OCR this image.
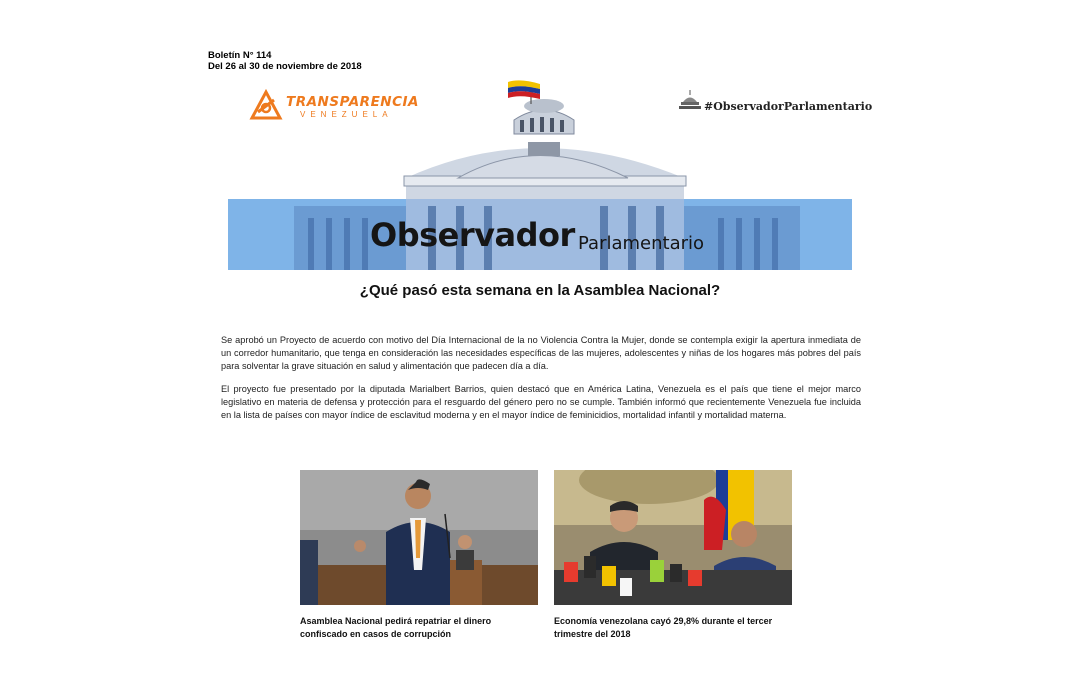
Boletín N° 114
Del 26 al 30 de noviembre de 2018
Observador Parlamentario
TRANSPARENCIA
VENEZUELA
#ObservadorParlamentario
¿Qué pasó esta semana en la Asamblea Nacional?
Se aprobó un Proyecto de acuerdo con motivo del Día Internacional de la no Violencia Contra la Mujer, donde se contempla exigir la apertura inmediata de un corredor humanitario, que tenga en consideración las necesidades específicas de las mujeres, adolescentes y niñas de los hogares más pobres del país para solventar la grave situación en salud y alimentación que padecen día a día.
El proyecto fue presentado por la diputada Marialbert Barrios, quien destacó que en América Latina, Venezuela es el país que tiene el mejor marco legislativo en materia de defensa y protección para el resguardo del género pero no se cumple. También informó que recientemente Venezuela fue incluida en la lista de países con mayor índice de esclavitud moderna y en el mayor índice de feminicidios, mortalidad infantil y mortalidad materna.
Asamblea Nacional pedirá repatriar el dinero confiscado en casos de corrupción
Economía venezolana cayó 29,8% durante el tercer trimestre del 2018
